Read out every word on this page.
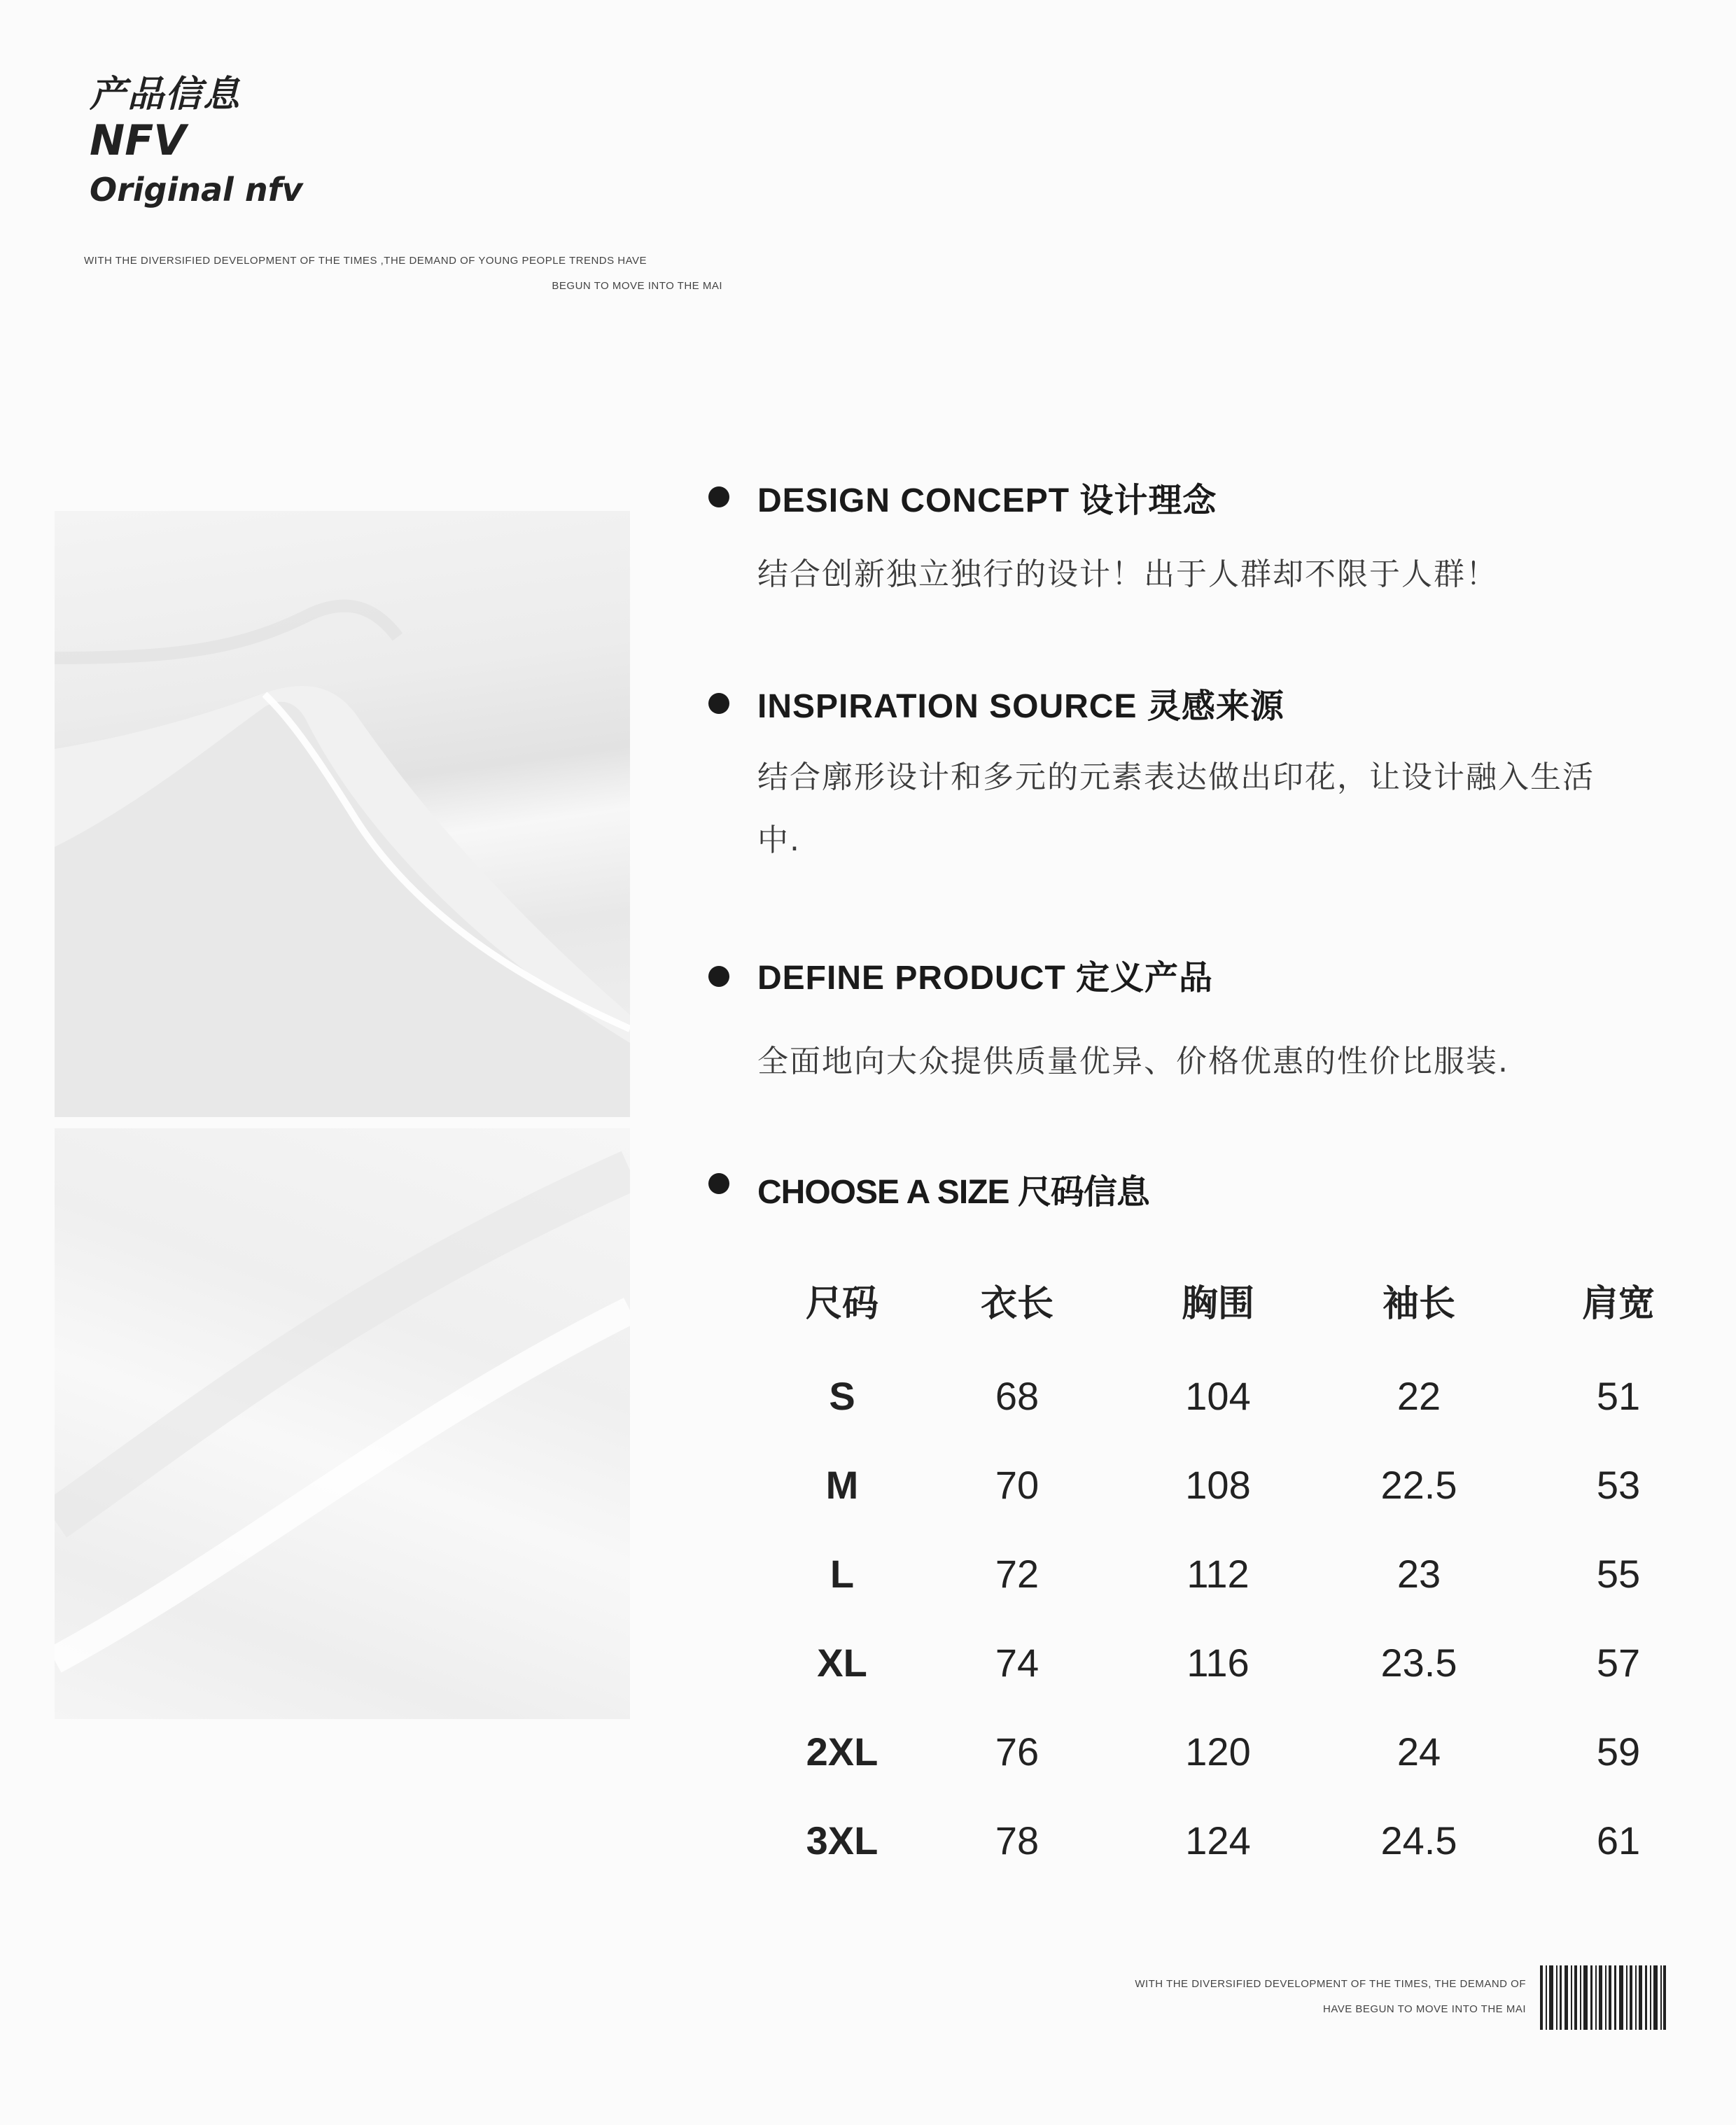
产品信息
NFV
Original nfv
WITH THE DIVERSIFIED DEVELOPMENT OF THE TIMES ,THE DEMAND OF YOUNG PEOPLE TRENDS HAVE
BEGUN TO MOVE INTO THE MAI
DESIGN CONCEPT 设计理念
结合创新独立独行的设计！出于人群却不限于人群！
INSPIRATION SOURCE 灵感来源
结合廓形设计和多元的元素表达做出印花，让设计融入生活中.
DEFINE PRODUCT 定义产品
全面地向大众提供质量优异、价格优惠的性价比服装.
CHOOSE A SIZE 尺码信息
尺码	衣长	胸围	袖长	肩宽
S	68	104	22	51
M	70	108	22.5	53
L	72	112	23	55
XL	74	116	23.5	57
2XL	76	120	24	59
3XL	78	124	24.5	61
WITH THE DIVERSIFIED DEVELOPMENT OF THE TIMES, THE DEMAND OF
HAVE BEGUN TO MOVE INTO THE MAI
